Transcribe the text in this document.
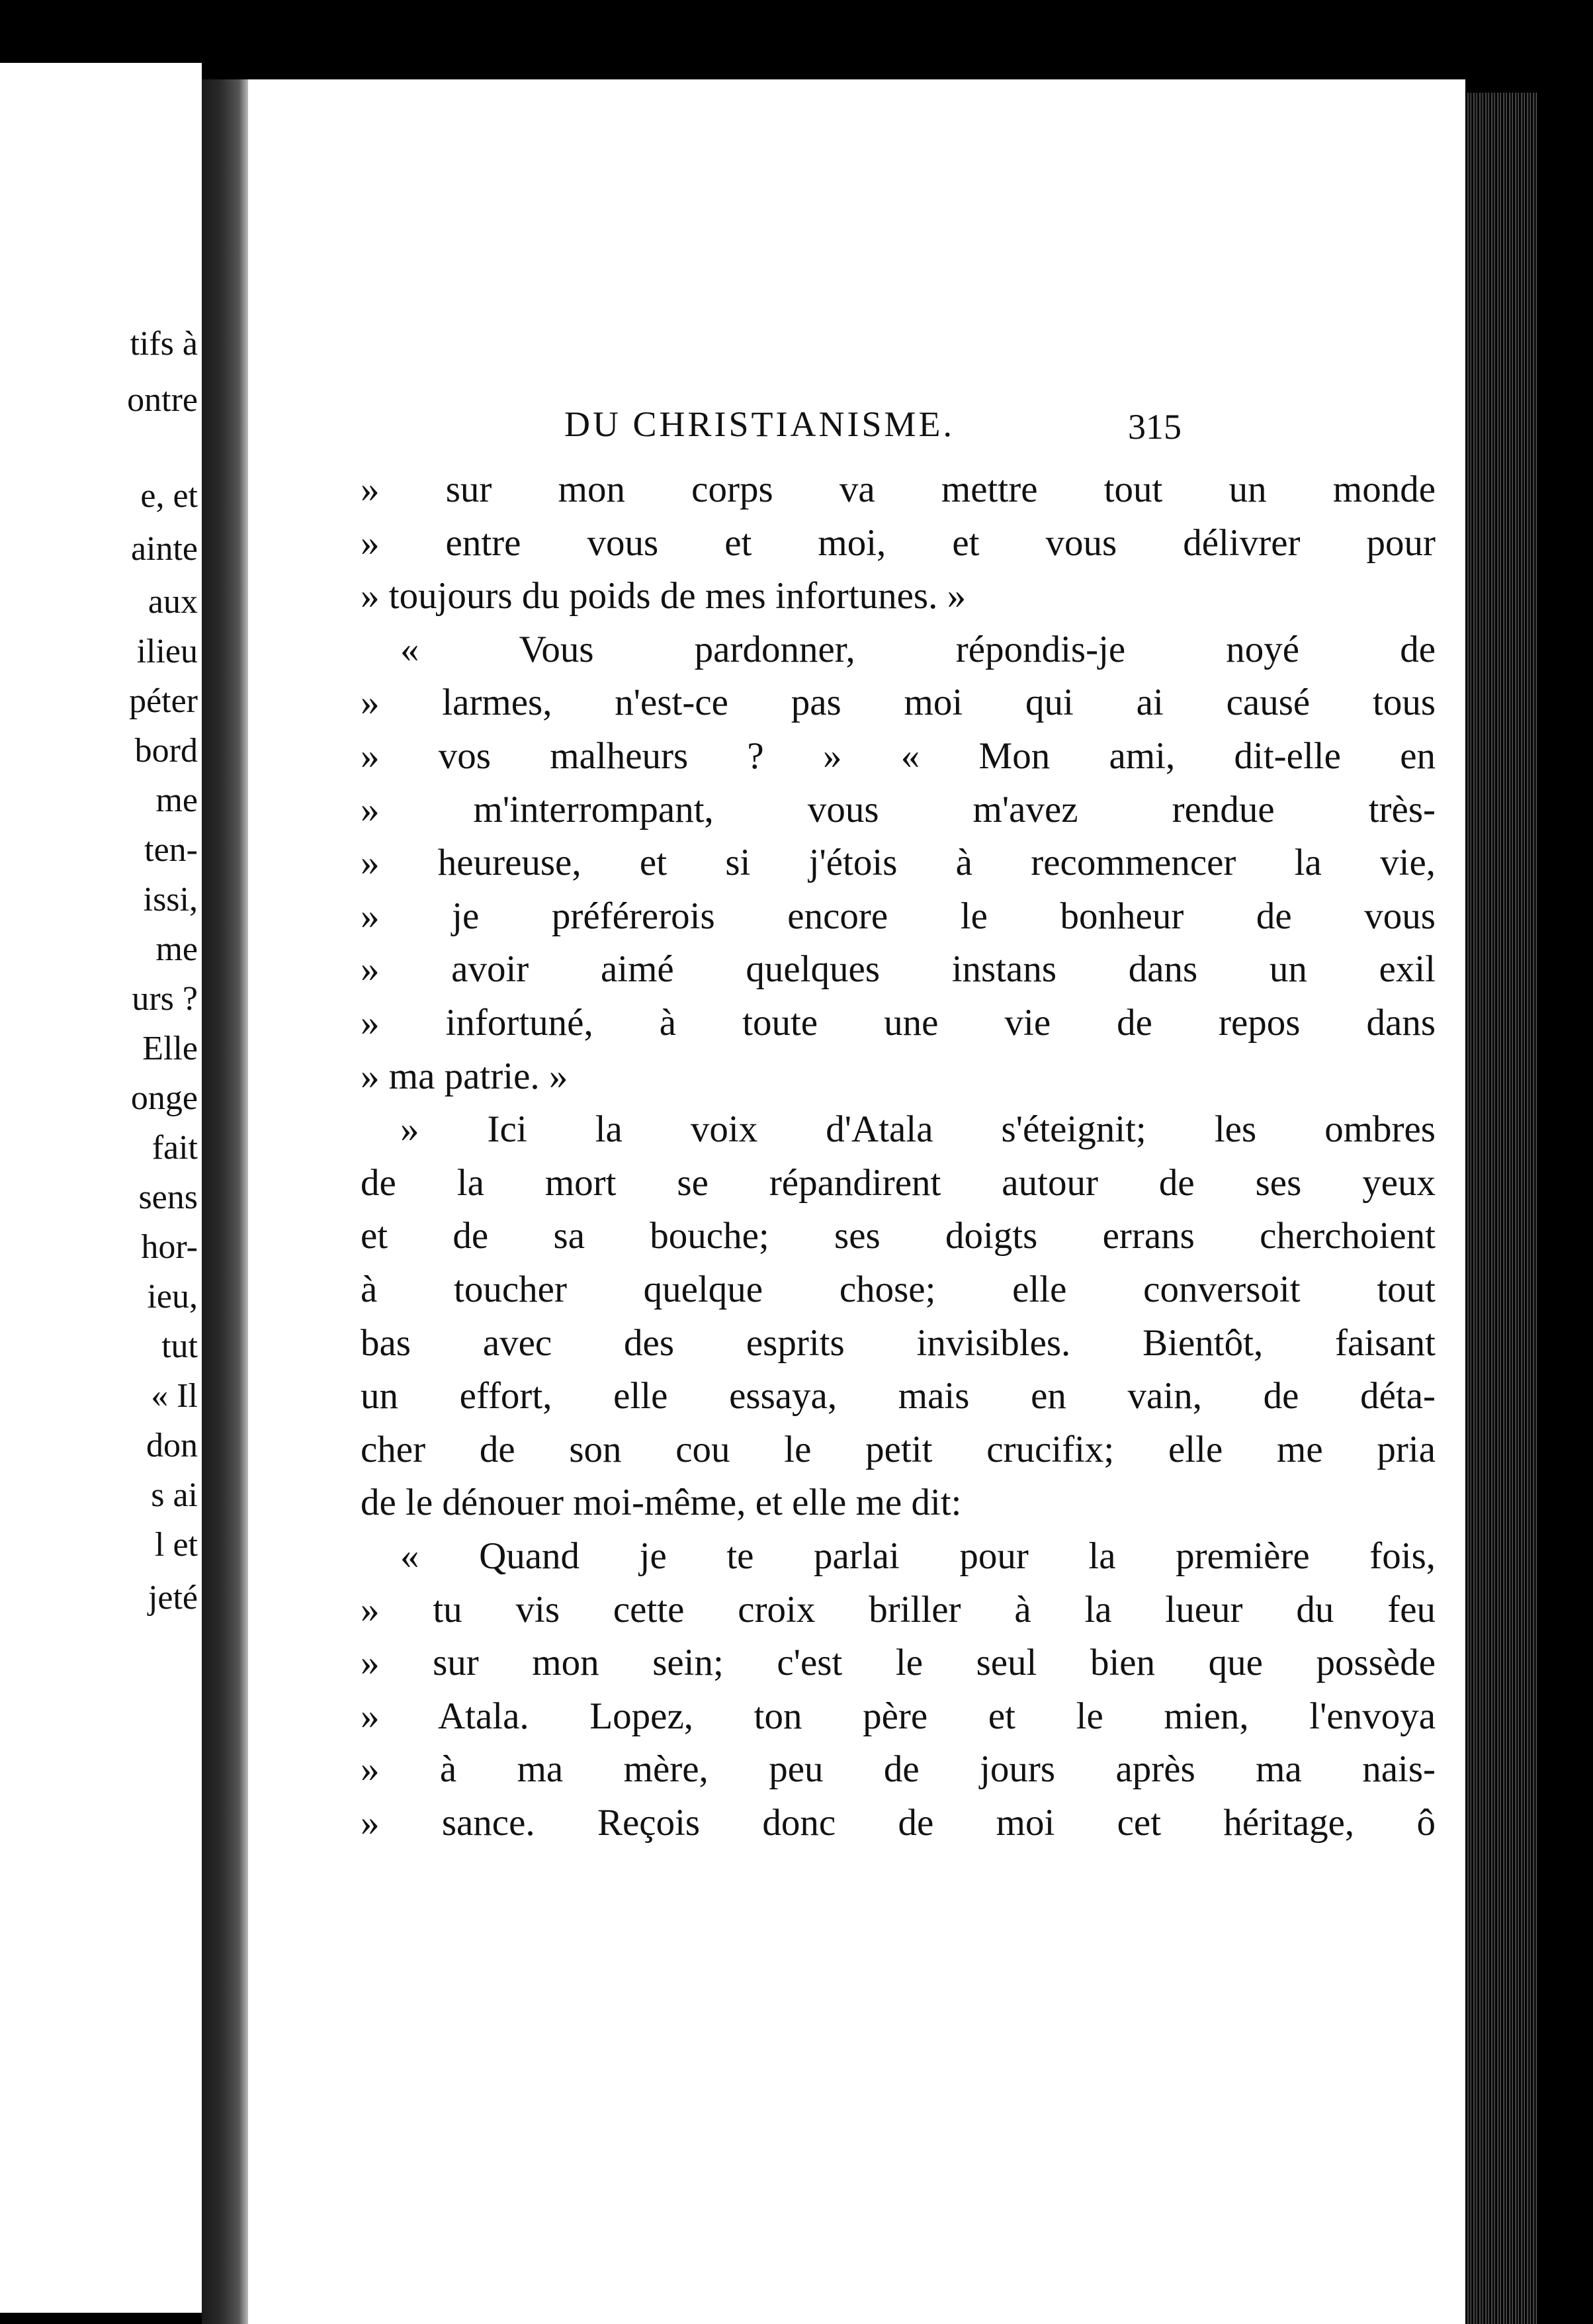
tifs à
ontre
e, et
ainte
aux
ilieu
péter
bord
me
ten-
issi,
me
urs ?
Elle
onge
fait
sens
hor-
ieu,
tut
« Il
don
s ai
l et
jeté
DU CHRISTIANISME.	315
» sur mon corps va mettre tout un monde
» entre vous et moi, et vous délivrer pour
» toujours du poids de mes infortunes. »
« Vous pardonner, répondis-je noyé de
» larmes, n'est-ce pas moi qui ai causé tous
» vos malheurs ? » « Mon ami, dit-elle en
» m'interrompant, vous m'avez rendue très-
» heureuse, et si j'étois à recommencer la vie,
» je préférerois encore le bonheur de vous
» avoir aimé quelques instans dans un exil
» infortuné, à toute une vie de repos dans
» ma patrie. »
» Ici la voix d'Atala s'éteignit; les ombres
de la mort se répandirent autour de ses yeux
et de sa bouche; ses doigts errans cherchoient
à toucher quelque chose; elle conversoit tout
bas avec des esprits invisibles. Bientôt, faisant
un effort, elle essaya, mais en vain, de déta-
cher de son cou le petit crucifix; elle me pria
de le dénouer moi-même, et elle me dit:
« Quand je te parlai pour la première fois,
» tu vis cette croix briller à la lueur du feu
» sur mon sein; c'est le seul bien que possède
» Atala. Lopez, ton père et le mien, l'envoya
» à ma mère, peu de jours après ma nais-
» sance. Reçois donc de moi cet héritage, ô
